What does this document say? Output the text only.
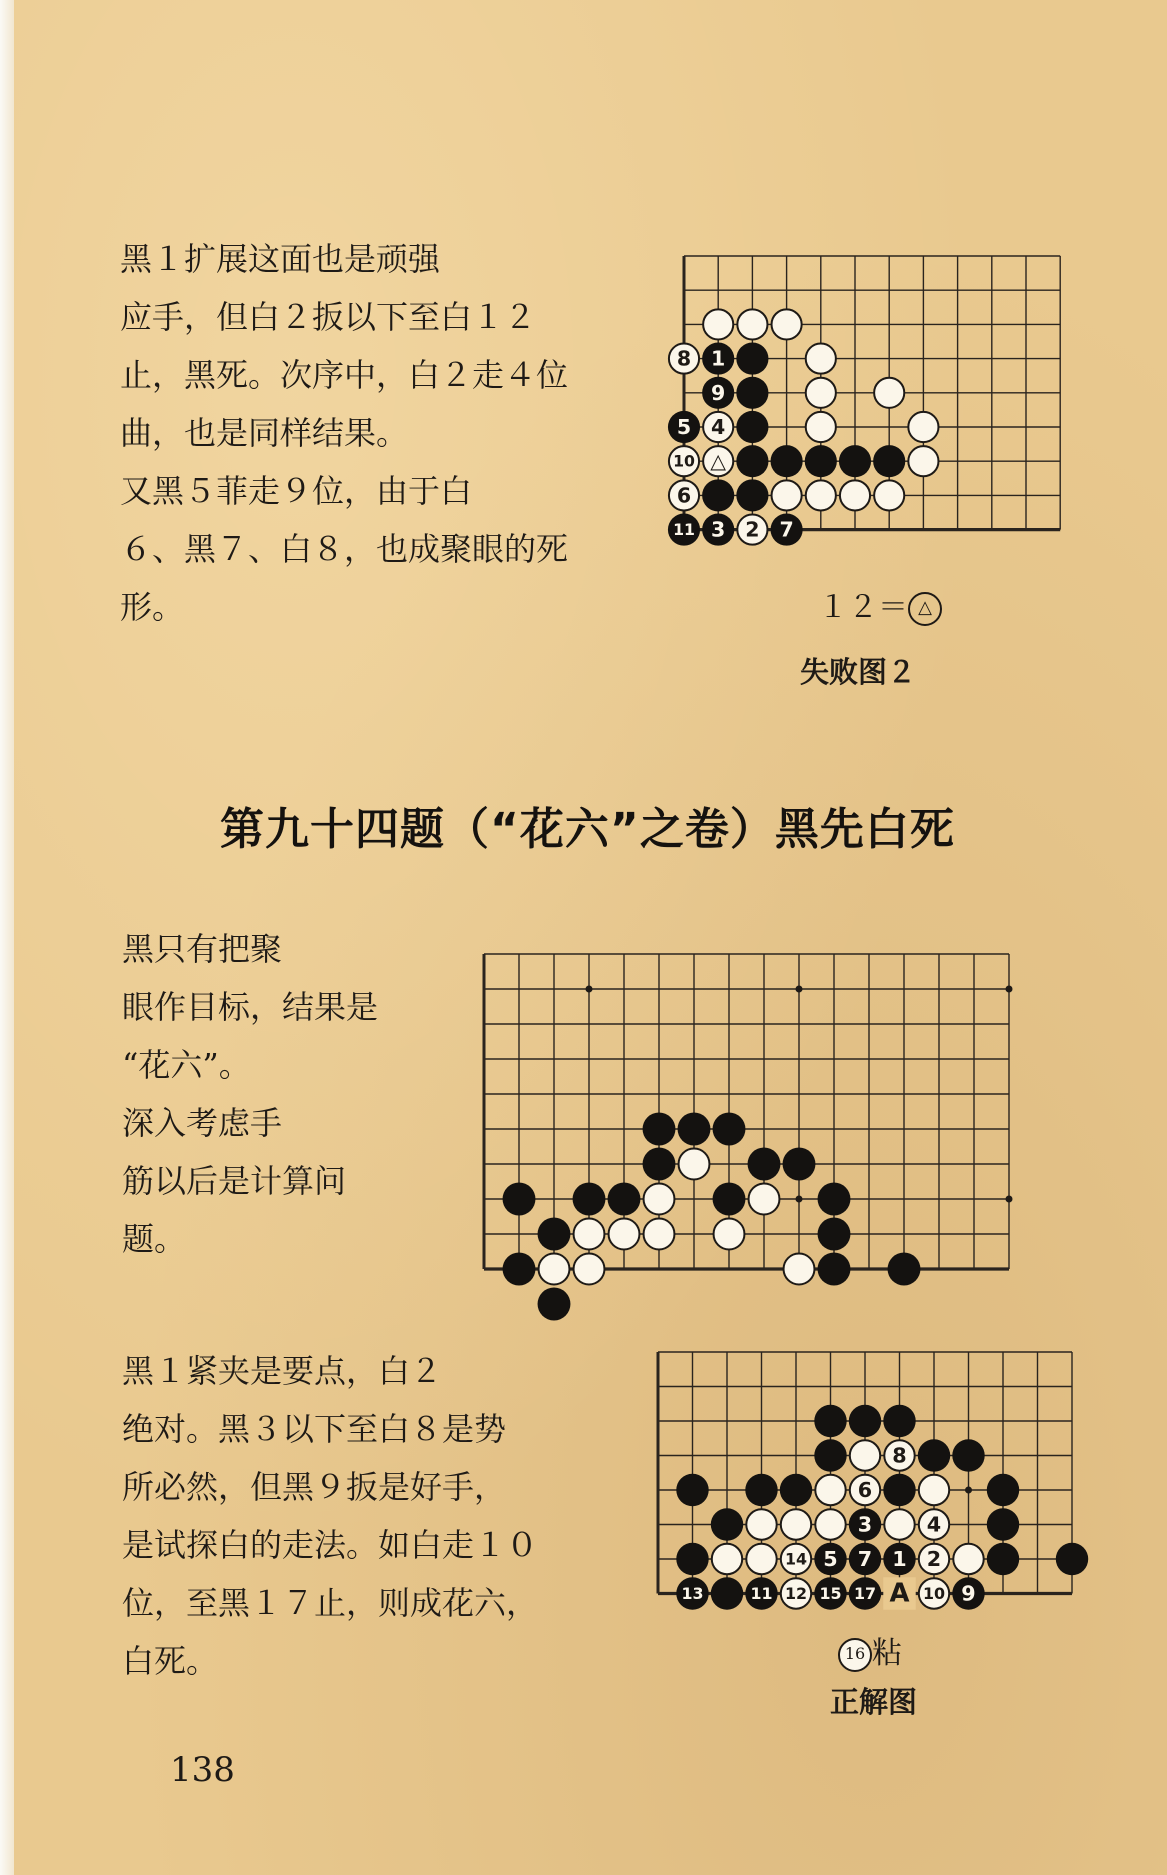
黑１扩展这面也是顽强
应手，但白２扳以下至白１２
止，黑死。次序中，白２走４位
曲，也是同样结果。

又黑５菲走９位，由于白
６、黑７、白８，也成聚眼的死
形。

8 1
9
5 4
10 △
6
11 3 2 7
１２＝ △
失败图２
第九十四题（“花六”之卷）黑先白死

黑只有把聚
眼作目标，结果是
“花六”。

深入考虑手
筋以后是计算问
题。

黑１紧夹是要点，白２
绝对。黑３以下至白８是势
所必然，但黑９扳是好手，
是试探白的走法。如白走１０
位，至黑１７止，则成花六，
白死。

8
6
3	4
14 5 7 1 2
13	11 12 15 17 A 10 9
16 粘
正解图
138
